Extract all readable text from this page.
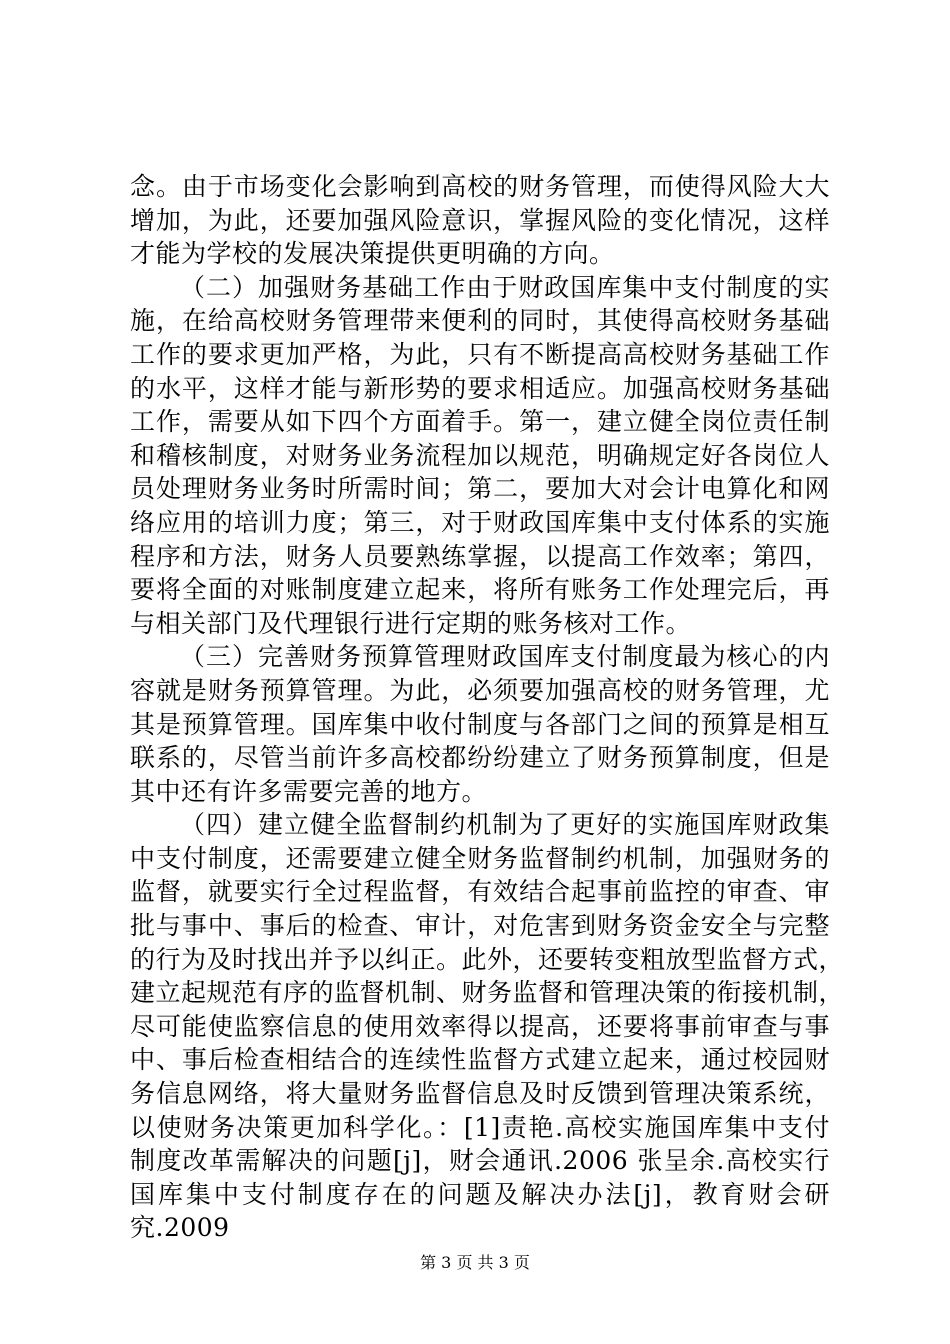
念。由于市场变化会影响到高校的财务管理，而使得风险大大
增加，为此，还要加强风险意识，掌握风险的变化情况，这样
才能为学校的发展决策提供更明确的方向。
（二）加强财务基础工作由于财政国库集中支付制度的实
施，在给高校财务管理带来便利的同时，其使得高校财务基础
工作的要求更加严格，为此，只有不断提高高校财务基础工作
的水平，这样才能与新形势的要求相适应。加强高校财务基础
工作，需要从如下四个方面着手。第一，建立健全岗位责任制
和稽核制度，对财务业务流程加以规范，明确规定好各岗位人
员处理财务业务时所需时间；第二，要加大对会计电算化和网
络应用的培训力度；第三，对于财政国库集中支付体系的实施
程序和方法，财务人员要熟练掌握，以提高工作效率；第四，
要将全面的对账制度建立起来，将所有账务工作处理完后，再
与相关部门及代理银行进行定期的账务核对工作。
（三）完善财务预算管理财政国库支付制度最为核心的内
容就是财务预算管理。为此，必须要加强高校的财务管理，尤
其是预算管理。国库集中收付制度与各部门之间的预算是相互
联系的，尽管当前许多高校都纷纷建立了财务预算制度，但是
其中还有许多需要完善的地方。
（四）建立健全监督制约机制为了更好的实施国库财政集
中支付制度，还需要建立健全财务监督制约机制，加强财务的
监督，就要实行全过程监督，有效结合起事前监控的审查、审
批与事中、事后的检查、审计，对危害到财务资金安全与完整
的行为及时找出并予以纠正。此外，还要转变粗放型监督方式，
建立起规范有序的监督机制、财务监督和管理决策的衔接机制，
尽可能使监察信息的使用效率得以提高，还要将事前审查与事
中、事后检查相结合的连续性监督方式建立起来，通过校园财
务信息网络，将大量财务监督信息及时反馈到管理决策系统，
以使财务决策更加科学化。：[1]责艳.高校实施国库集中支付
制度改革需解决的问题[j]，财会通讯.2006 张呈余.高校实行
国库集中支付制度存在的问题及解决办法[j]，教育财会研
究.2009
第 3 页 共 3 页
